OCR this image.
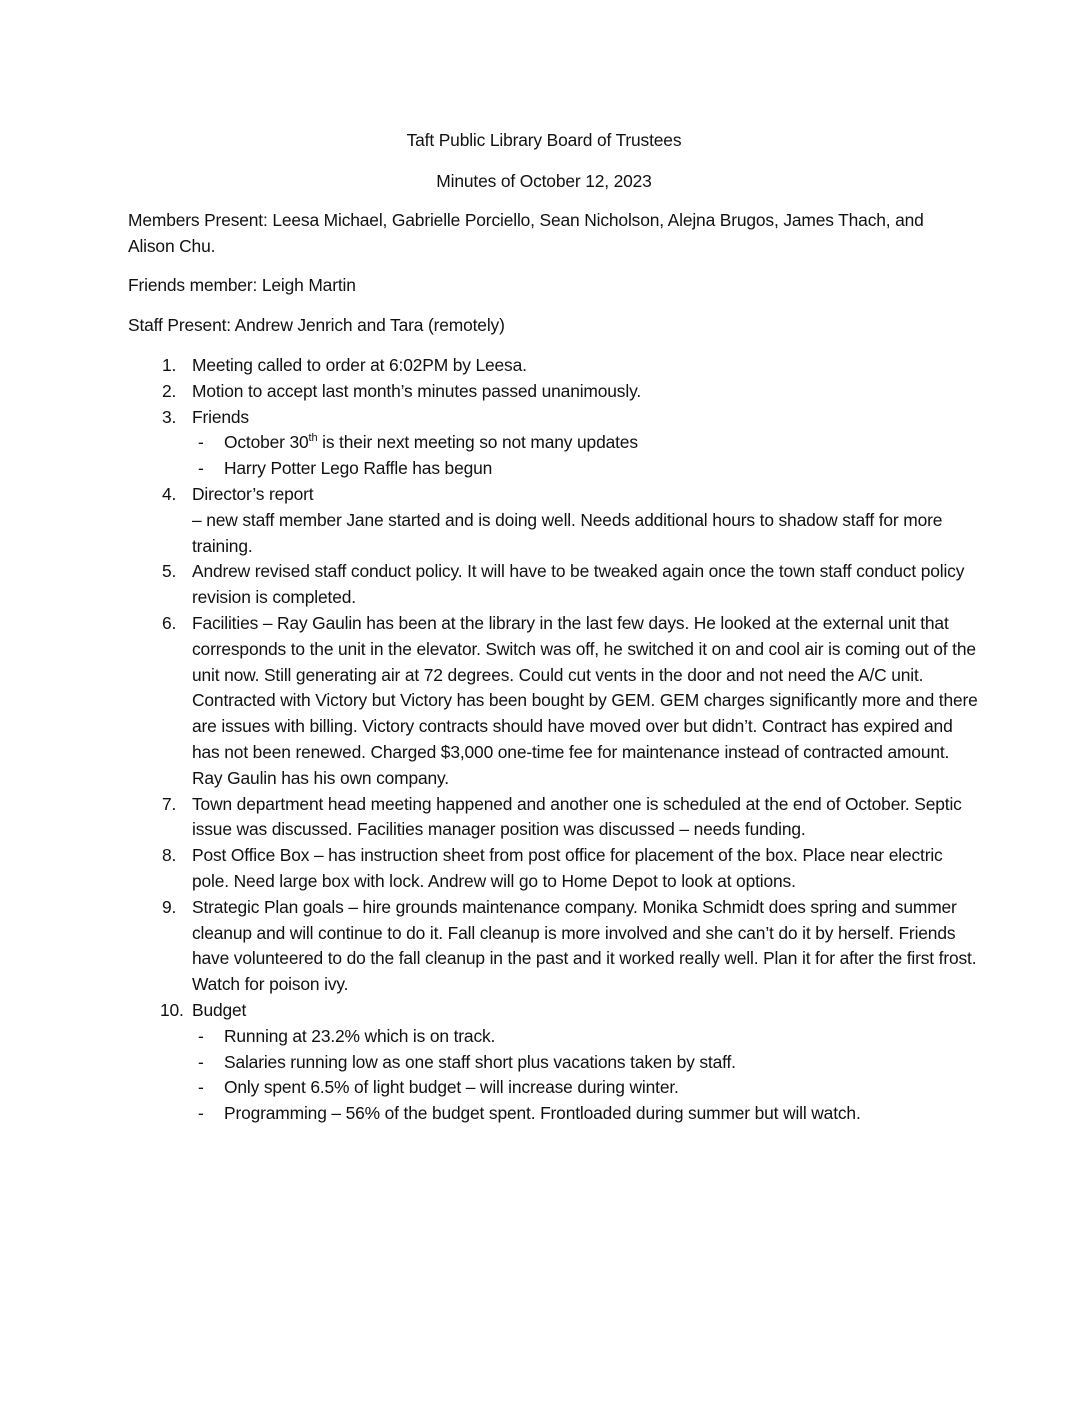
Taft Public Library Board of Trustees
Minutes of October 12, 2023
Members Present: Leesa Michael, Gabrielle Porciello, Sean Nicholson, Alejna Brugos, James Thach, and Alison Chu.
Friends member: Leigh Martin
Staff Present: Andrew Jenrich and Tara (remotely)
1. Meeting called to order at 6:02PM by Leesa.
2. Motion to accept last month’s minutes passed unanimously.
3. Friends
- October 30th is their next meeting so not many updates
- Harry Potter Lego Raffle has begun
4. Director’s report
– new staff member Jane started and is doing well. Needs additional hours to shadow staff for more training.
5. Andrew revised staff conduct policy. It will have to be tweaked again once the town staff conduct policy revision is completed.
6. Facilities – Ray Gaulin has been at the library in the last few days. He looked at the external unit that corresponds to the unit in the elevator. Switch was off, he switched it on and cool air is coming out of the unit now. Still generating air at 72 degrees. Could cut vents in the door and not need the A/C unit. Contracted with Victory but Victory has been bought by GEM. GEM charges significantly more and there are issues with billing. Victory contracts should have moved over but didn’t. Contract has expired and has not been renewed. Charged $3,000 one-time fee for maintenance instead of contracted amount. Ray Gaulin has his own company.
7. Town department head meeting happened and another one is scheduled at the end of October. Septic issue was discussed. Facilities manager position was discussed – needs funding.
8. Post Office Box – has instruction sheet from post office for placement of the box. Place near electric pole. Need large box with lock. Andrew will go to Home Depot to look at options.
9. Strategic Plan goals – hire grounds maintenance company. Monika Schmidt does spring and summer cleanup and will continue to do it. Fall cleanup is more involved and she can’t do it by herself. Friends have volunteered to do the fall cleanup in the past and it worked really well. Plan it for after the first frost. Watch for poison ivy.
10. Budget
- Running at 23.2% which is on track.
- Salaries running low as one staff short plus vacations taken by staff.
- Only spent 6.5% of light budget – will increase during winter.
- Programming – 56% of the budget spent. Frontloaded during summer but will watch.
